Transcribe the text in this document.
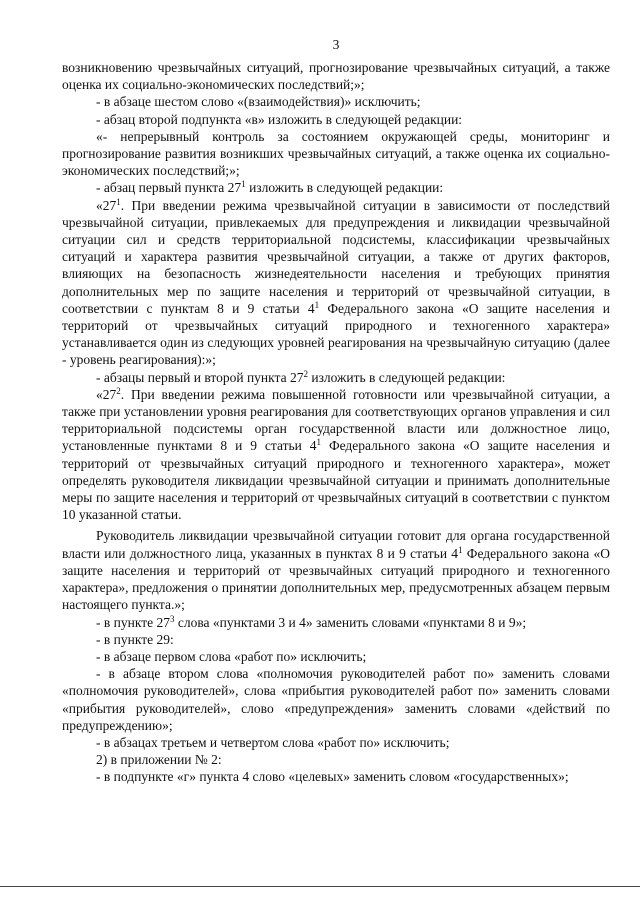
3

возникновению чрезвычайных ситуаций, прогнозирование чрезвычайных ситуаций, а также оценка их социально-экономических последствий;»;

- в абзаце шестом слово «(взаимодействия)» исключить;

- абзац второй подпункта «в» изложить в следующей редакции:

«- непрерывный контроль за состоянием окружающей среды, мониторинг и прогнозирование развития возникших чрезвычайных ситуаций, а также оценка их социально-экономических последствий;»;

- абзац первый пункта $27^1$ изложить в следующей редакции:

«$27^1$. При введении режима чрезвычайной ситуации в зависимости от последствий чрезвычайной ситуации, привлекаемых для предупреждения и ликвидации чрезвычайной ситуации сил и средств территориальной подсистемы, классификации чрезвычайных ситуаций и характера развития чрезвычайной ситуации, а также от других факторов, влияющих на безопасность жизнедеятельности населения и требующих принятия дополнительных мер по защите населения и территорий от чрезвычайной ситуации, в соответствии с пунктам 8 и 9 статьи $4^1$ Федерального закона «О защите населения и территорий от чрезвычайных ситуаций природного и техногенного характера» устанавливается один из следующих уровней реагирования на чрезвычайную ситуацию (далее - уровень реагирования):»;

- абзацы первый и второй пункта $27^2$ изложить в следующей редакции:

«$27^2$. При введении режима повышенной готовности или чрезвычайной ситуации, а также при установлении уровня реагирования для соответствующих органов управления и сил территориальной подсистемы орган государственной власти или должностное лицо, установленные пунктами 8 и 9 статьи $4^1$ Федерального закона «О защите населения и территорий от чрезвычайных ситуаций природного и техногенного характера», может определять руководителя ликвидации чрезвычайной ситуации и принимать дополнительные меры по защите населения и территорий от чрезвычайных ситуаций в соответствии с пунктом 10 указанной статьи.

Руководитель ликвидации чрезвычайной ситуации готовит для органа государственной власти или должностного лица, указанных в пунктах 8 и 9 статьи $4^1$ Федерального закона «О защите населения и территорий от чрезвычайных ситуаций природного и техногенного характера», предложения о принятии дополнительных мер, предусмотренных абзацем первым настоящего пункта.»;

- в пункте $27^3$ слова «пунктами 3 и 4» заменить словами «пунктами 8 и 9»;

- в пункте 29:

- в абзаце первом слова «работ по» исключить;

- в абзаце втором слова «полномочия руководителей работ по» заменить словами «полномочия руководителей», слова «прибытия руководителей работ по» заменить словами «прибытия руководителей», слово «предупреждения» заменить словами «действий по предупреждению»;

- в абзацах третьем и четвертом слова «работ по» исключить;

2) в приложении № 2:

- в подпункте «г» пункта 4 слово «целевых» заменить словом «государственных»;
